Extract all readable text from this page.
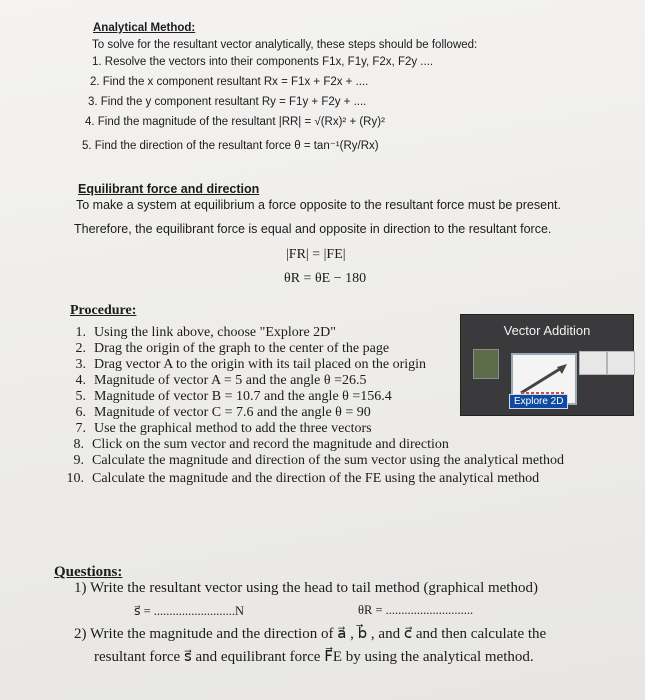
Analytical Method:
To solve for the resultant vector analytically, these steps should be followed:
1. Resolve the vectors into their components F1x, F1y, F2x, F2y ....
2. Find the x component resultant Rx = F1x + F2x + ....
3. Find the y component resultant Ry = F1y + F2y + ....
4. Find the magnitude of the resultant |RR| = √(Rx)² + (Ry)²
5. Find the direction of the resultant force θ = tan⁻¹(Ry/Rx)
Equilibrant force and direction
To make a system at equilibrium a force opposite to the resultant force must be present.
Therefore, the equilibrant force is equal and opposite in direction to the resultant force.
|FR| = |FE|
θR = θE − 180
Procedure:
1. Using the link above, choose "Explore 2D"
2. Drag the origin of the graph to the center of the page
3. Drag vector A to the origin with its tail placed on the origin
4. Magnitude of vector A = 5 and the angle θ =26.5
5. Magnitude of vector B = 10.7 and the angle θ =156.4
6. Magnitude of vector C = 7.6 and the angle θ = 90
7. Use the graphical method to add the three vectors
8. Click on the sum vector and record the magnitude and direction
9. Calculate the magnitude and direction of the sum vector using the analytical method
10. Calculate the magnitude and the direction of the FE using the analytical method
Vector Addition
Explore 2D
Questions:
1) Write the resultant vector using the head to tail method (graphical method)
s⃗ = ..........................N	θR = ............................
2) Write the magnitude and the direction of a⃗ , b⃗ , and c⃗ and then calculate the
resultant force s⃗ and equilibrant force F⃗E by using the analytical method.
